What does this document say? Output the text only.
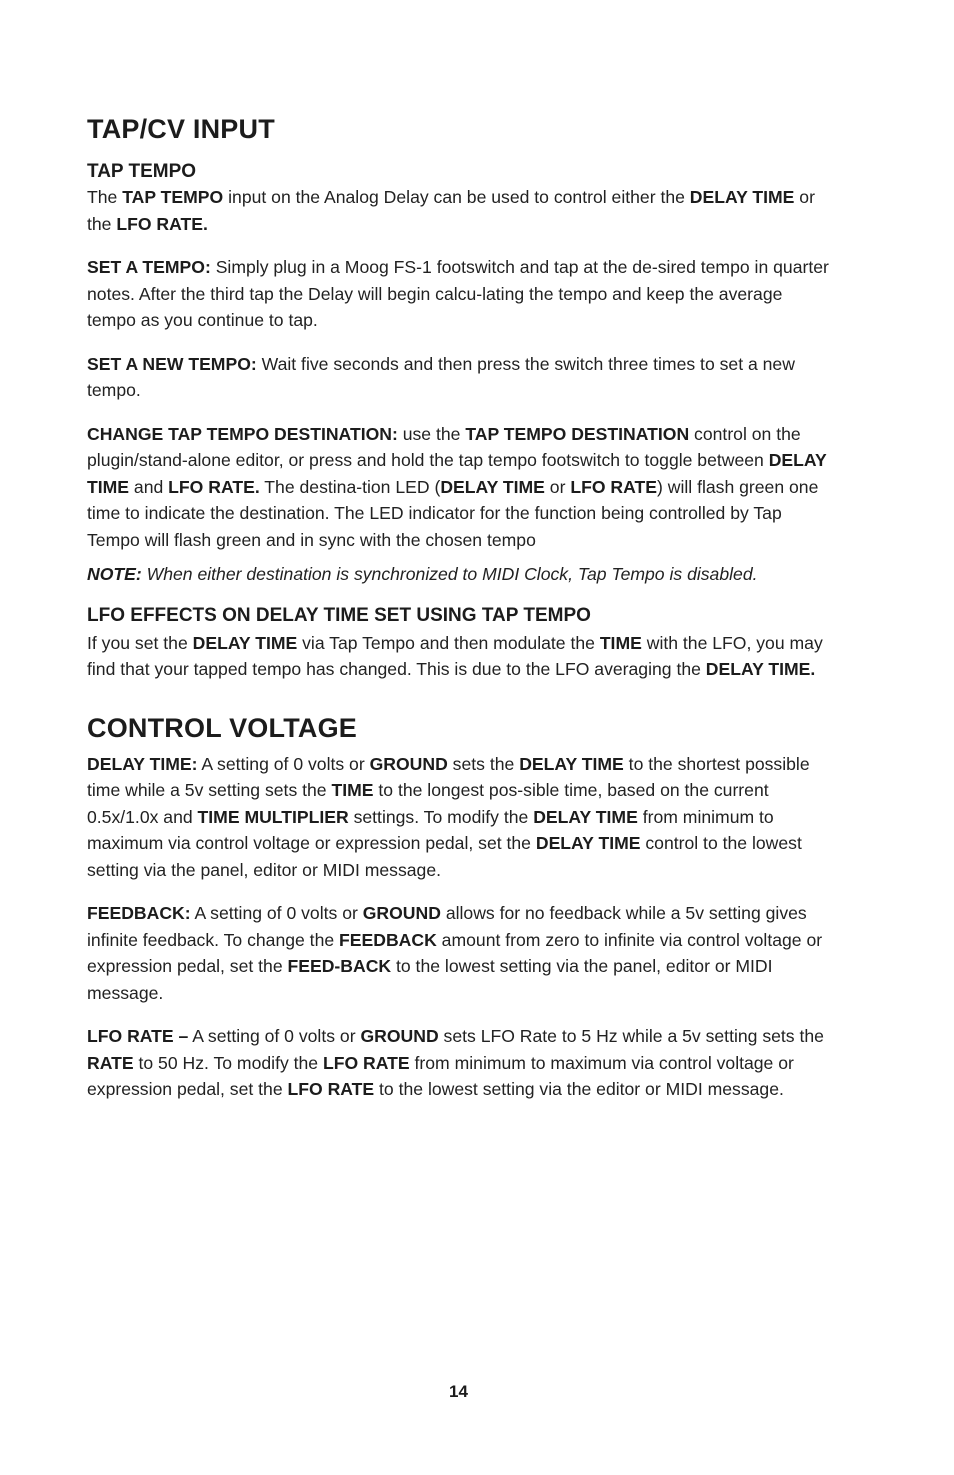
TAP/CV INPUT
TAP TEMPO

The TAP TEMPO input on the Analog Delay can be used to control either the DELAY TIME or the LFO RATE.

SET A TEMPO: Simply plug in a Moog FS-1 footswitch and tap at the de-sired tempo in quarter notes. After the third tap the Delay will begin calcu-lating the tempo and keep the average tempo as you continue to tap.

SET A NEW TEMPO: Wait five seconds and then press the switch three times to set a new tempo.

CHANGE TAP TEMPO DESTINATION: use the TAP TEMPO DESTINATION control on the plugin/stand-alone editor, or press and hold the tap tempo footswitch to toggle between DELAY TIME and LFO RATE. The destina-tion LED (DELAY TIME or LFO RATE) will flash green one time to indicate the destination. The LED indicator for the function being controlled by Tap Tempo will flash green and in sync with the chosen tempo

NOTE: When either destination is synchronized to MIDI Clock, Tap Tempo is disabled.

LFO EFFECTS ON DELAY TIME SET USING TAP TEMPO

If you set the DELAY TIME via Tap Tempo and then modulate the TIME with the LFO, you may find that your tapped tempo has changed. This is due to the LFO averaging the DELAY TIME.

CONTROL VOLTAGE

DELAY TIME: A setting of 0 volts or GROUND sets the DELAY TIME to the shortest possible time while a 5v setting sets the TIME to the longest pos-sible time, based on the current 0.5x/1.0x and TIME MULTIPLIER settings. To modify the DELAY TIME from minimum to maximum via control voltage or expression pedal, set the DELAY TIME control to the lowest setting via the panel, editor or MIDI message.

FEEDBACK: A setting of 0 volts or GROUND allows for no feedback while a 5v setting gives infinite feedback. To change the FEEDBACK amount from zero to infinite via control voltage or expression pedal, set the FEED-BACK to the lowest setting via the panel, editor or MIDI message.

LFO RATE – A setting of 0 volts or GROUND sets LFO Rate to 5 Hz while a 5v setting sets the RATE to 50 Hz. To modify the LFO RATE from minimum to maximum via control voltage or expression pedal, set the LFO RATE to the lowest setting via the editor or MIDI message.

14
